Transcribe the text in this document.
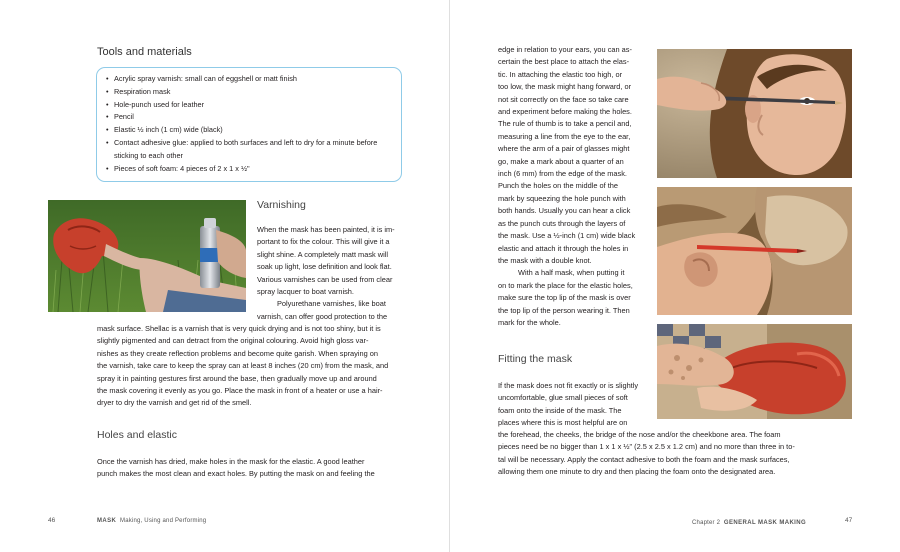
Tools and materials
• Acrylic spray varnish: small can of eggshell or matt finish
• Respiration mask
• Hole-punch used for leather
• Pencil
• Elastic ½ inch (1 cm) wide (black)
• Contact adhesive glue: applied to both surfaces and left to dry for a minute before sticking to each other
• Pieces of soft foam: 4 pieces of 2 x 1 x ½"
Varnishing
When the mask has been painted, it is im-
portant to fix the colour. This will give it a
slight shine. A completely matt mask will
soak up light, lose definition and look flat.
Various varnishes can be used from clear
spray lacquer to boat varnish.
Polyurethane varnishes, like boat
varnish, can offer good protection to the
mask surface. Shellac is a varnish that is very quick drying and is not too shiny, but it is
slightly pigmented and can detract from the original colouring. Avoid high gloss var-
nishes as they create reflection problems and become quite garish. When spraying on
the varnish, take care to keep the spray can at least 8 inches (20 cm) from the mask, and
spray it in painting gestures first around the base, then gradually move up and around
the mask covering it evenly as you go. Place the mask in front of a heater or use a hair-
dryer to dry the varnish and get rid of the smell.
Holes and elastic
Once the varnish has dried, make holes in the mask for the elastic. A good leather
punch makes the most clean and exact holes. By putting the mask on and feeling the
46	MASK Making, Using and Performing
edge in relation to your ears, you can as-
certain the best place to attach the elas-
tic. In attaching the elastic too high, or
too low, the mask might hang forward, or
not sit correctly on the face so take care
and experiment before making the holes.
The rule of thumb is to take a pencil and,
measuring a line from the eye to the ear,
where the arm of a pair of glasses might
go, make a mark about a quarter of an
inch (6 mm) from the edge of the mask.
Punch the holes on the middle of the
mark by squeezing the hole punch with
both hands. Usually you can hear a click
as the punch cuts through the layers of
the mask. Use a ½-inch (1 cm) wide black
elastic and attach it through the holes in
the mask with a double knot.
With a half mask, when putting it
on to mark the place for the elastic holes,
make sure the top lip of the mask is over
the top lip of the person wearing it. Then
mark for the whole.
Fitting the mask
If the mask does not fit exactly or is slightly
uncomfortable, glue small pieces of soft
foam onto the inside of the mask. The
places where this is most helpful are on
the forehead, the cheeks, the bridge of the nose and/or the cheekbone area. The foam
pieces need be no bigger than 1 x 1 x ½" (2.5 x 2.5 x 1.2 cm) and no more than three in to-
tal will be necessary. Apply the contact adhesive to both the foam and the mask surfaces,
allowing them one minute to dry and then placing the foam onto the designated area.
Chapter 2 GENERAL MASK MAKING	47
